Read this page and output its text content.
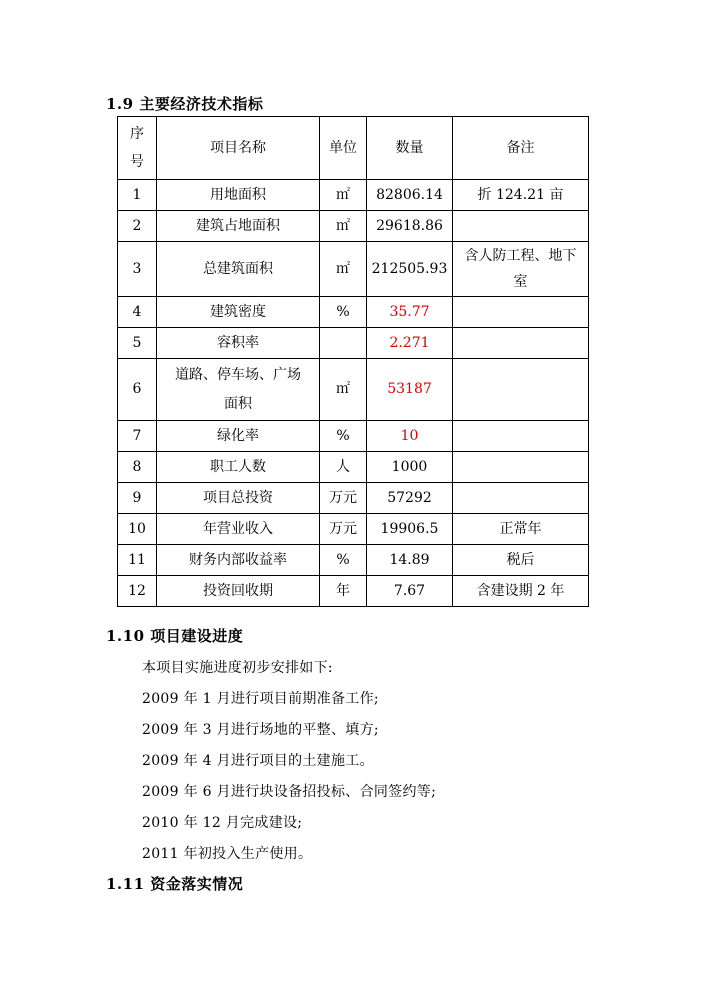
1.9 主要经济技术指标
序号	项目名称	单位	数量	备注
1	用地面积	㎡	82806.14	折 124.21 亩
2	建筑占地面积	㎡	29618.86	
3	总建筑面积	㎡	212505.93	含人防工程、地下室
4	建筑密度	%	35.77	
5	容积率		2.271	
6	道路、停车场、广场面积	㎡	53187	
7	绿化率	%	10	
8	职工人数	人	1000	
9	项目总投资	万元	57292	
10	年营业收入	万元	19906.5	正常年
11	财务内部收益率	%	14.89	税后
12	投资回收期	年	7.67	含建设期 2 年
1.10 项目建设进度
本项目实施进度初步安排如下:
2009 年 1 月进行项目前期准备工作;
2009 年 3 月进行场地的平整、填方;
2009 年 4 月进行项目的土建施工。
2009 年 6 月进行块设备招投标、合同签约等;
2010 年 12 月完成建设;
2011 年初投入生产使用。
1.11 资金落实情况
